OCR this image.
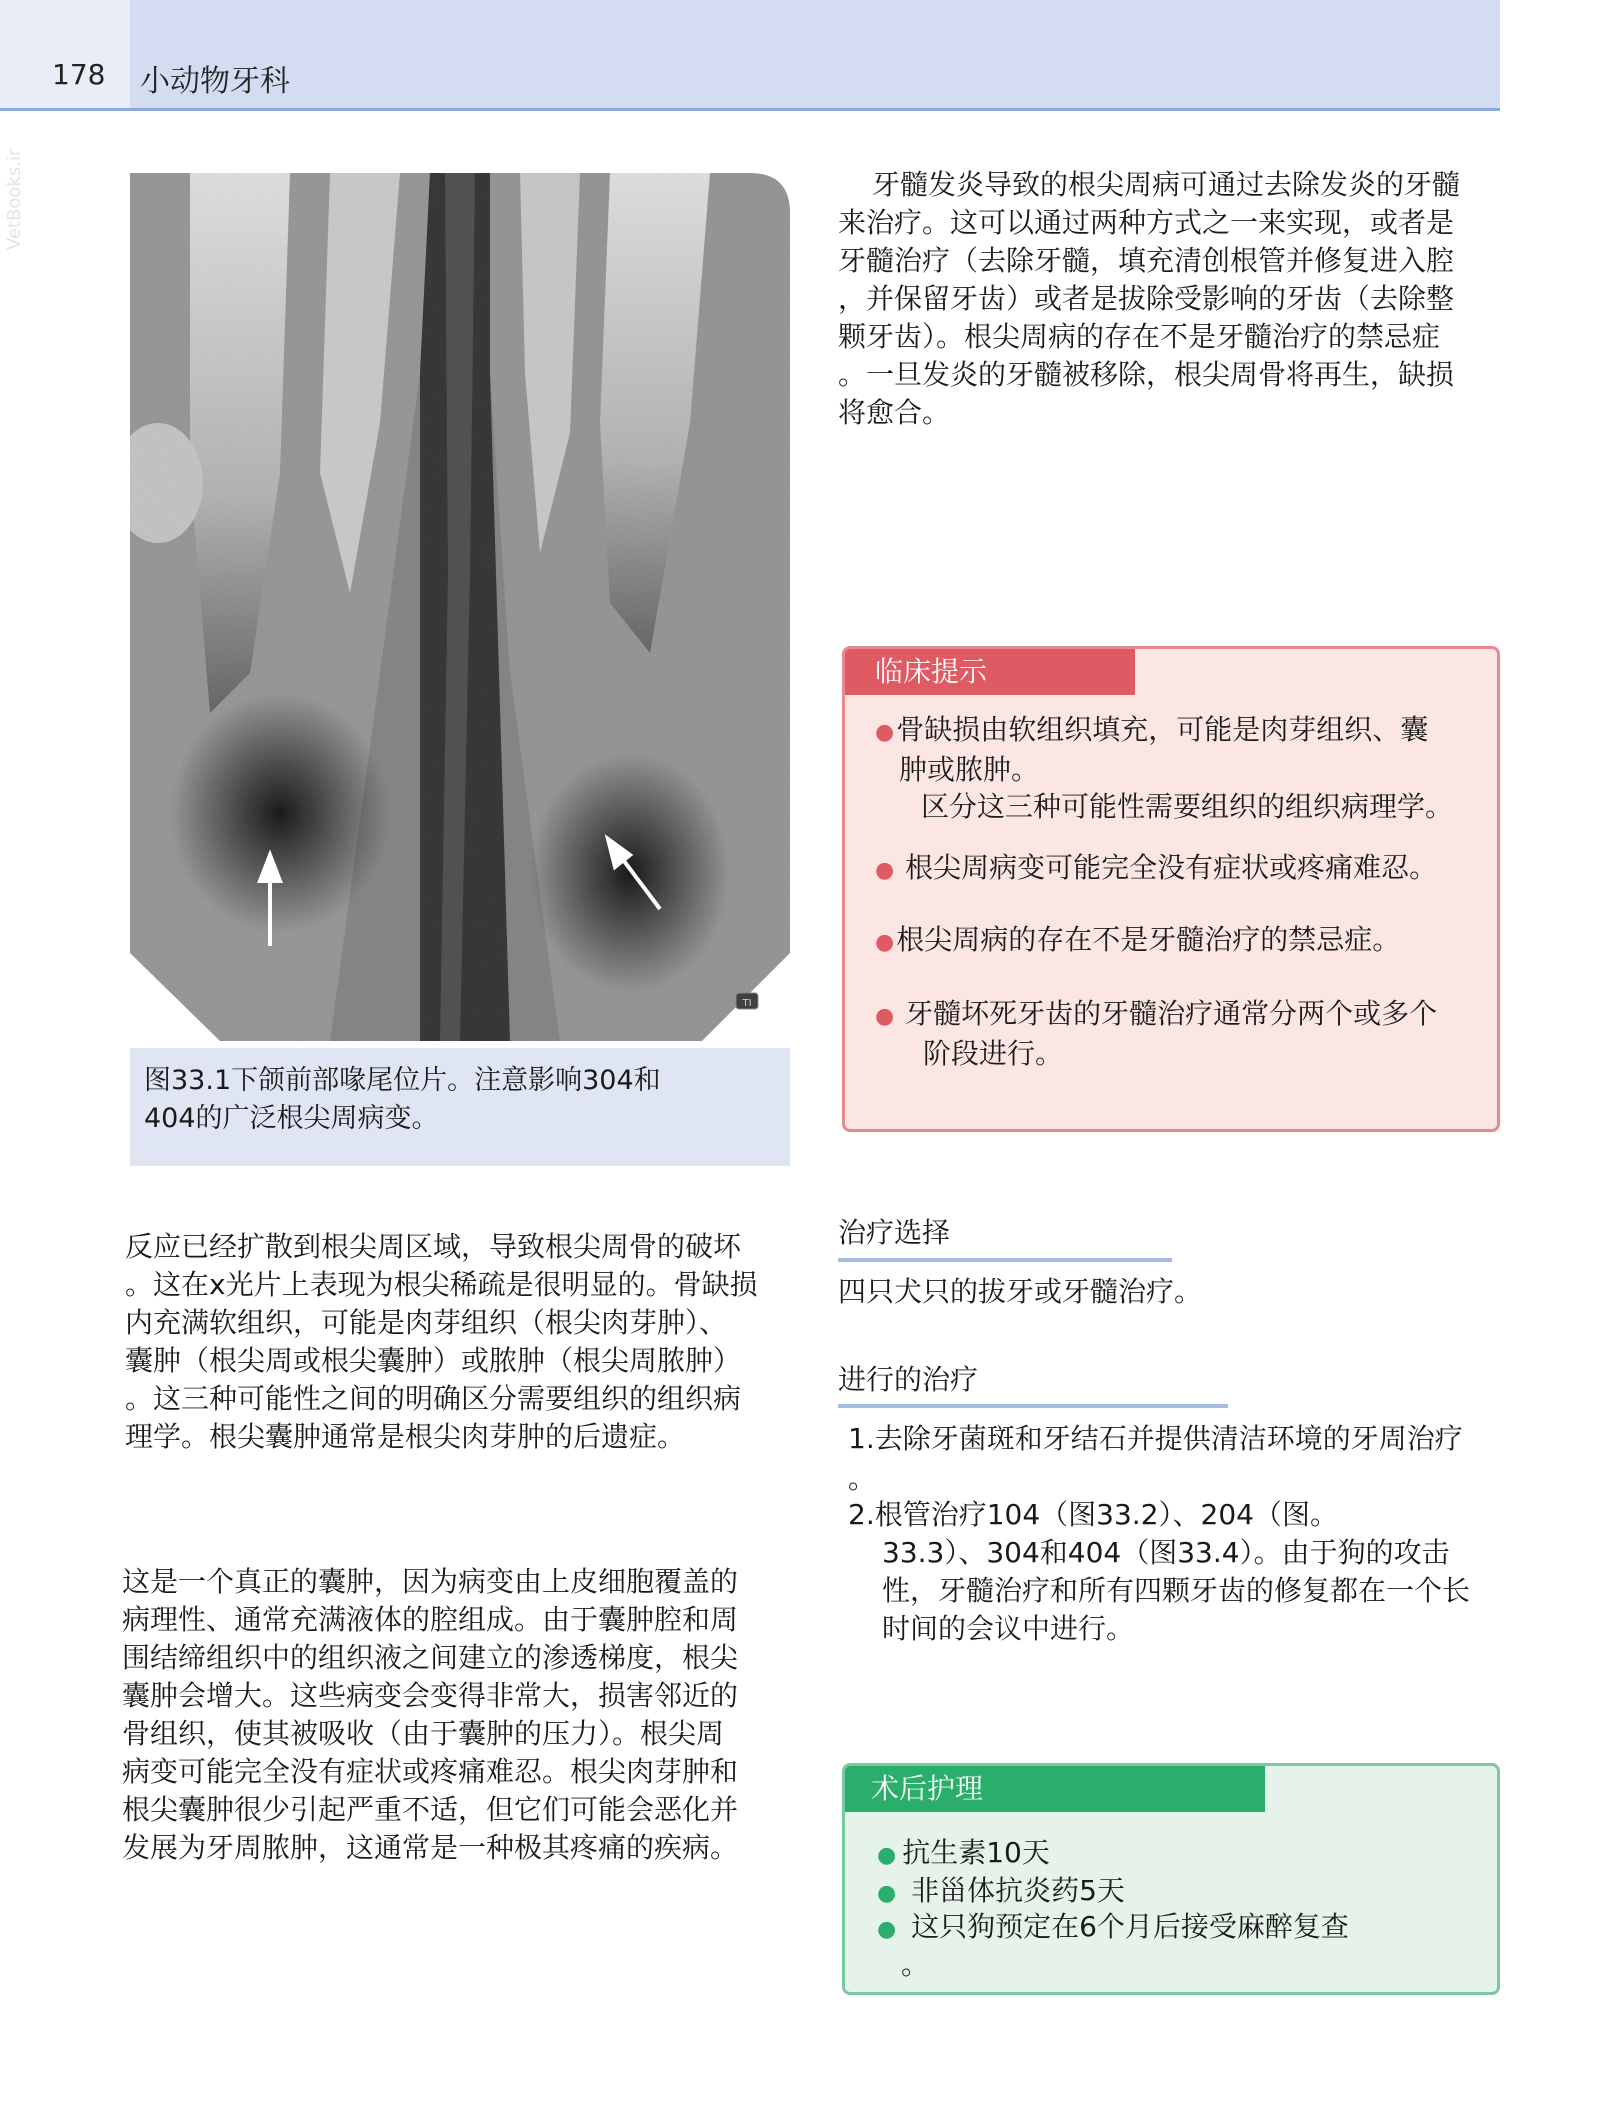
178 小动物牙科
VetBooks.ir
TI
图33.1下颌前部喙尾位片。注意影响304和
404的广泛根尖周病变。
牙髓发炎导致的根尖周病可通过去除发炎的牙髓
来治疗。这可以通过两种方式之一来实现，或者是
牙髓治疗（去除牙髓，填充清创根管并修复进入腔
，并保留牙齿）或者是拔除受影响的牙齿（去除整
颗牙齿）。根尖周病的存在不是牙髓治疗的禁忌症
。一旦发炎的牙髓被移除，根尖周骨将再生，缺损
将愈合。
临床提示
●骨缺损由软组织填充，可能是肉芽组织、囊
肿或脓肿。
区分这三种可能性需要组织的组织病理学。
● 根尖周病变可能完全没有症状或疼痛难忍。
●根尖周病的存在不是牙髓治疗的禁忌症。
● 牙髓坏死牙齿的牙髓治疗通常分两个或多个
阶段进行。
反应已经扩散到根尖周区域，导致根尖周骨的破坏
。这在x光片上表现为根尖稀疏是很明显的。骨缺损
内充满软组织，可能是肉芽组织（根尖肉芽肿）、
囊肿（根尖周或根尖囊肿）或脓肿（根尖周脓肿）
。这三种可能性之间的明确区分需要组织的组织病
理学。根尖囊肿通常是根尖肉芽肿的后遗症。
这是一个真正的囊肿，因为病变由上皮细胞覆盖的
病理性、通常充满液体的腔组成。由于囊肿腔和周
围结缔组织中的组织液之间建立的渗透梯度，根尖
囊肿会增大。这些病变会变得非常大，损害邻近的
骨组织，使其被吸收（由于囊肿的压力）。根尖周
病变可能完全没有症状或疼痛难忍。根尖肉芽肿和
根尖囊肿很少引起严重不适，但它们可能会恶化并
发展为牙周脓肿，这通常是一种极其疼痛的疾病。
治疗选择
四只犬只的拔牙或牙髓治疗。
进行的治疗
1.去除牙菌斑和牙结石并提供清洁环境的牙周治疗
。
2.根管治疗104（图33.2）、204（图。
33.3）、304和404（图33.4）。由于狗的攻击
性，牙髓治疗和所有四颗牙齿的修复都在一个长
时间的会议中进行。
术后护理
● 抗生素10天
● 非甾体抗炎药5天
● 这只狗预定在6个月后接受麻醉复查
。
